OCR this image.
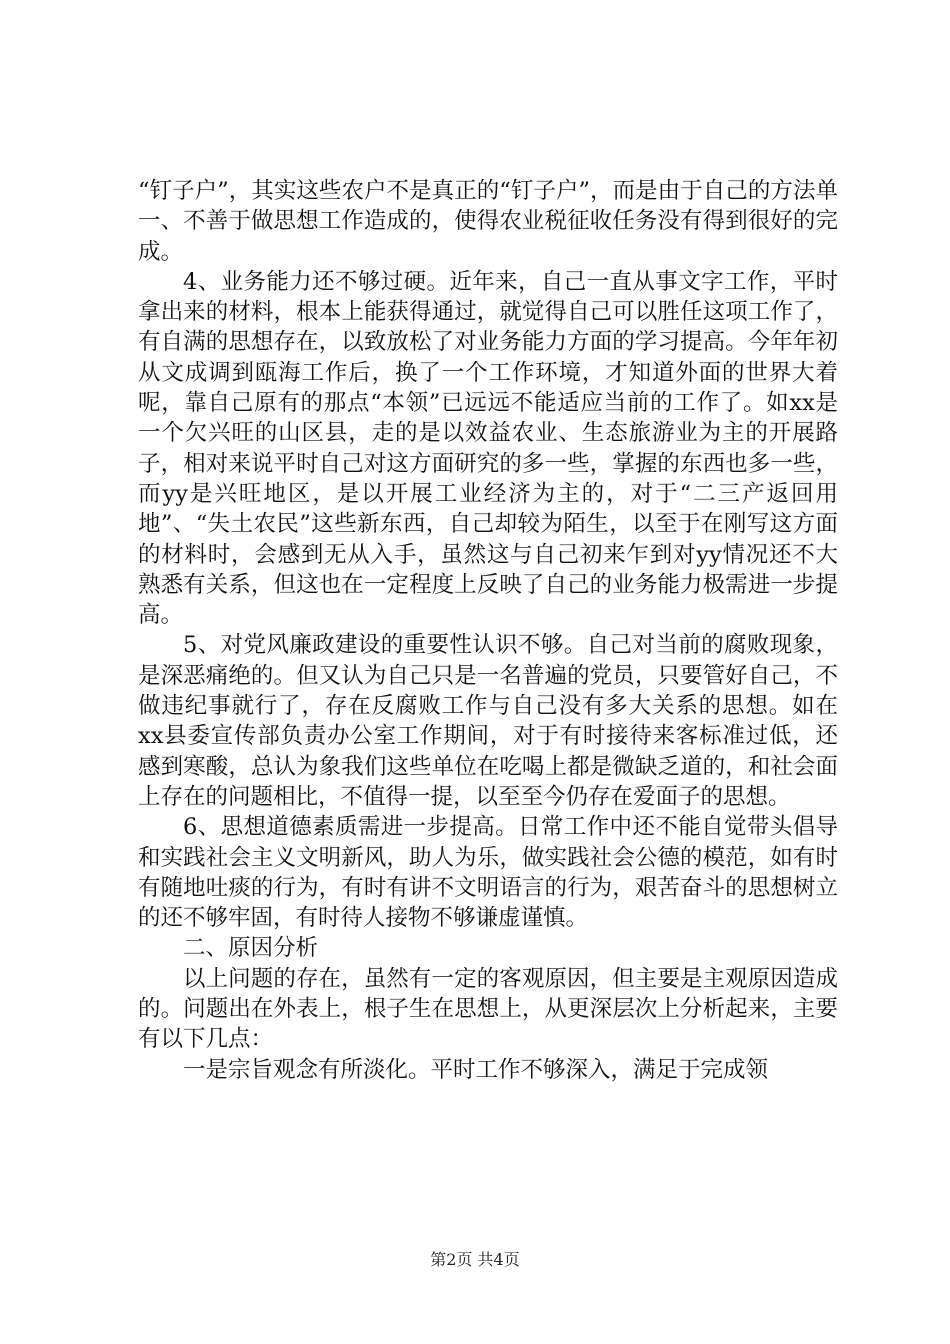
“钉子户”，其实这些农户不是真正的“钉子户”，而是由于自己的方法单一、不善于做思想工作造成的，使得农业税征收任务没有得到很好的完成。

4、业务能力还不够过硬。近年来，自己一直从事文字工作，平时拿出来的材料，根本上能获得通过，就觉得自己可以胜任这项工作了，有自满的思想存在，以致放松了对业务能力方面的学习提高。今年年初从文成调到瓯海工作后，换了一个工作环境，才知道外面的世界大着呢，靠自己原有的那点“本领”已远远不能适应当前的工作了。如xx是一个欠兴旺的山区县，走的是以效益农业、生态旅游业为主的开展路子，相对来说平时自己对这方面研究的多一些，掌握的东西也多一些，而yy是兴旺地区，是以开展工业经济为主的，对于“二三产返回用地”、“失土农民”这些新东西，自己却较为陌生，以至于在刚写这方面的材料时，会感到无从入手，虽然这与自己初来乍到对yy情况还不大熟悉有关系，但这也在一定程度上反映了自己的业务能力极需进一步提高。

5、对党风廉政建设的重要性认识不够。自己对当前的腐败现象，是深恶痛绝的。但又认为自己只是一名普遍的党员，只要管好自己，不做违纪事就行了，存在反腐败工作与自己没有多大关系的思想。如在xx县委宣传部负责办公室工作期间，对于有时接待来客标准过低，还感到寒酸，总认为象我们这些单位在吃喝上都是微缺乏道的，和社会面上存在的问题相比，不值得一提，以至至今仍存在爱面子的思想。

6、思想道德素质需进一步提高。日常工作中还不能自觉带头倡导和实践社会主义文明新风，助人为乐，做实践社会公德的模范，如有时有随地吐痰的行为，有时有讲不文明语言的行为，艰苦奋斗的思想树立的还不够牢固，有时待人接物不够谦虚谨慎。

二、原因分析

以上问题的存在，虽然有一定的客观原因，但主要是主观原因造成的。问题出在外表上，根子生在思想上，从更深层次上分析起来，主要有以下几点：

一是宗旨观念有所淡化。平时工作不够深入，满足于完成领

第2页 共4页
